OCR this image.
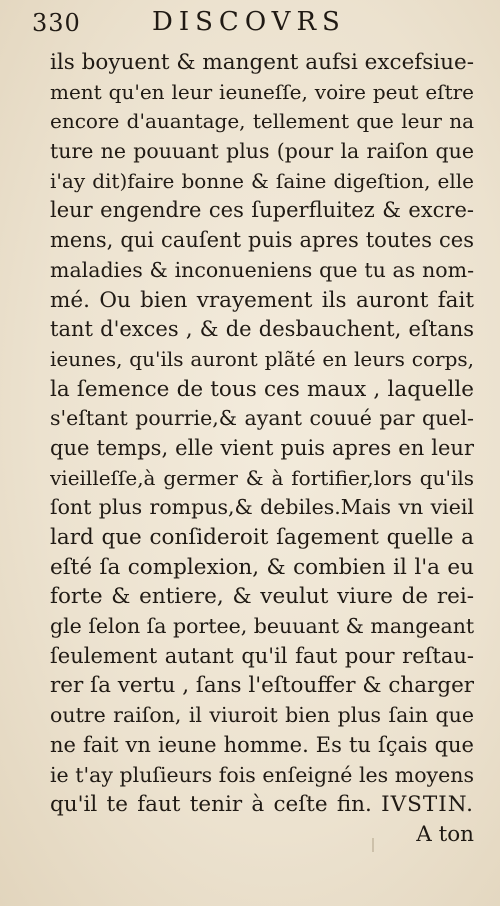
330	DISCOVRS
ils boyuent & mangent aufsi excefsiue-
ment qu'en leur ieuneſſe, voire peut eſtre
encore d'auantage, tellement que leur na
ture ne pouuant plus (pour la raiſon que
i'ay dit)faire bonne & ſaine digeſtion, elle
leur engendre ces ſuperfluitez & excre-
mens, qui cauſent puis apres toutes ces
maladies & inconueniens que tu as nom-
mé. Ou bien vrayement ils auront fait
tant d'exces , & de desbauchent, eſtans
ieunes, qu'ils auront plãté en leurs corps,
la ſemence de tous ces maux , laquelle
s'eſtant pourrie,& ayant couué par quel-
que temps, elle vient puis apres en leur
vieilleſſe,à germer & à fortifier,lors qu'ils
ſont plus rompus,& debiles.Mais vn vieil
lard que conſideroit ſagement quelle a
eſté ſa complexion, & combien il l'a eu
forte & entiere, & veulut viure de rei-
gle ſelon ſa portee, beuuant & mangeant
ſeulement autant qu'il faut pour reſtau-
rer ſa vertu , ſans l'eſtouffer & charger
outre raiſon, il viuroit bien plus ſain que
ne fait vn ieune homme. Es tu ſçais que
ie t'ay pluſieurs fois enſeigné les moyens
qu'il te faut tenir à ceſte fin. IVSTIN.
A ton
